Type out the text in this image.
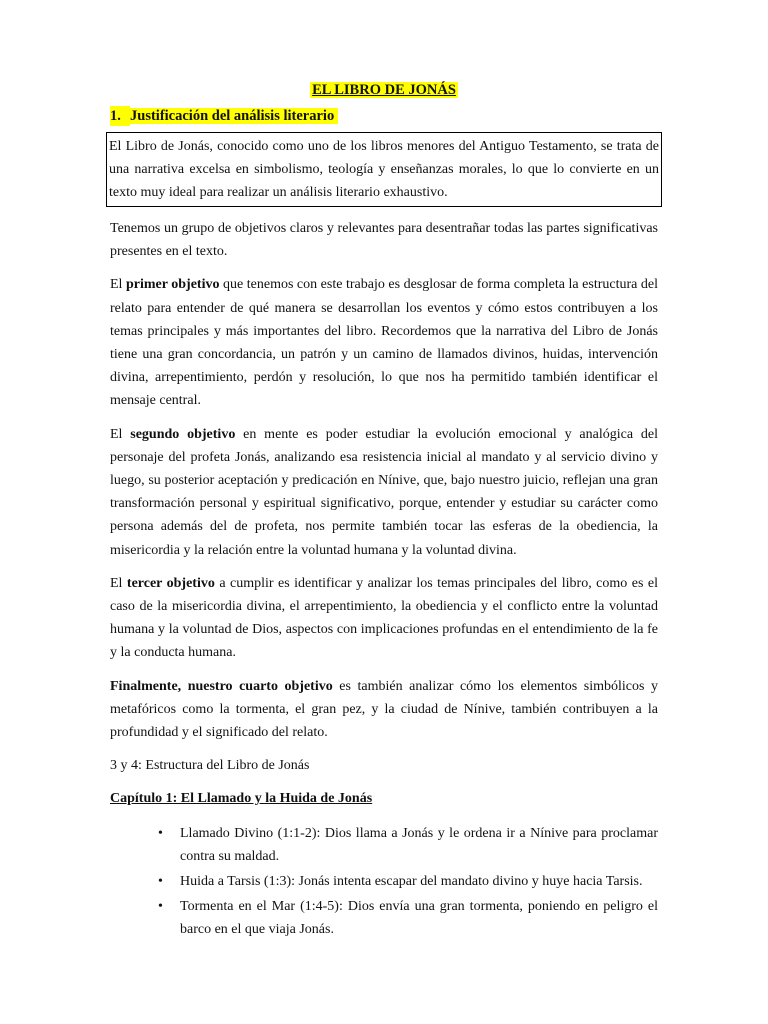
EL LIBRO DE JONÁS
1. Justificación del análisis literario
El Libro de Jonás, conocido como uno de los libros menores del Antiguo Testamento, se trata de una narrativa excelsa en simbolismo, teología y enseñanzas morales, lo que lo convierte en un texto muy ideal para realizar un análisis literario exhaustivo.

Tenemos un grupo de objetivos claros y relevantes para desentrañar todas las partes significativas presentes en el texto.

El primer objetivo que tenemos con este trabajo es desglosar de forma completa la estructura del relato para entender de qué manera se desarrollan los eventos y cómo estos contribuyen a los temas principales y más importantes del libro. Recordemos que la narrativa del Libro de Jonás tiene una gran concordancia, un patrón y un camino de llamados divinos, huidas, intervención divina, arrepentimiento, perdón y resolución, lo que nos ha permitido también identificar el mensaje central.

El segundo objetivo en mente es poder estudiar la evolución emocional y analógica del personaje del profeta Jonás, analizando esa resistencia inicial al mandato y al servicio divino y luego, su posterior aceptación y predicación en Nínive, que, bajo nuestro juicio, reflejan una gran transformación personal y espiritual significativo, porque, entender y estudiar su carácter como persona además del de profeta, nos permite también tocar las esferas de la obediencia, la misericordia y la relación entre la voluntad humana y la voluntad divina.

El tercer objetivo a cumplir es identificar y analizar los temas principales del libro, como es el caso de la misericordia divina, el arrepentimiento, la obediencia y el conflicto entre la voluntad humana y la voluntad de Dios, aspectos con implicaciones profundas en el entendimiento de la fe y la conducta humana.

Finalmente, nuestro cuarto objetivo es también analizar cómo los elementos simbólicos y metafóricos como la tormenta, el gran pez, y la ciudad de Nínive, también contribuyen a la profundidad y el significado del relato.

3 y 4: Estructura del Libro de Jonás
Capítulo 1: El Llamado y la Huida de Jonás
• Llamado Divino (1:1-2): Dios llama a Jonás y le ordena ir a Nínive para proclamar contra su maldad.
• Huida a Tarsis (1:3): Jonás intenta escapar del mandato divino y huye hacia Tarsis.
• Tormenta en el Mar (1:4-5): Dios envía una gran tormenta, poniendo en peligro el barco en el que viaja Jonás.
